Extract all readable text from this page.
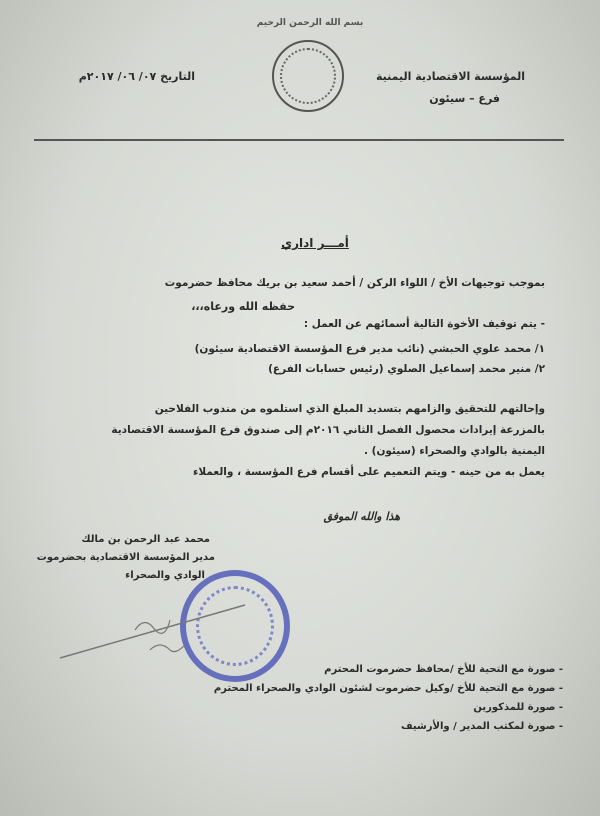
بسم الله الرحمن الرحيم
المؤسسة الاقتصادية اليمنية
فرع – سيئون
التاريخ ٠٧/ ٠٦/ ٢٠١٧م
أمـــر اداري
بموجب توجيهات الأخ / اللواء الركن / أحمد سعيد بن بريك محافظ حضرموت
حفظه الله ورعاه،،،
- يتم توقيف الأخوة التالية أسمائهم عن العمل :
١/ محمد علوي الحبشي (نائب مدير فرع المؤسسة الاقتصادية سيئون)
٢/ منير محمد إسماعيل الصلوي (رئيس حسابات الفرع)
وإحالتهم للتحقيق والزامهم بتسديد المبلغ الذي استلموه من مندوب الفلاحين
بالمزرعة إيرادات محصول الفصل الثاني ٢٠١٦م إلى صندوق فرع المؤسسة الاقتصادية
اليمنية بالوادي والصحراء (سيئون) .
يعمل به من حينه - ويتم التعميم على أقسام فرع المؤسسة ، والعملاء
هذا والله الموفق
محمد عبد الرحمن بن مالك
مدير المؤسسة الاقتصادية بحضرموت
الوادي والصحراء
- صورة مع التحية للأخ /محافظ حضرموت المحترم
- صورة مع التحية للأخ /وكيل حضرموت لشئون الوادي والصحراء المحترم
- صورة للمذكورين
- صورة لمكتب المدير / والأرشيف
